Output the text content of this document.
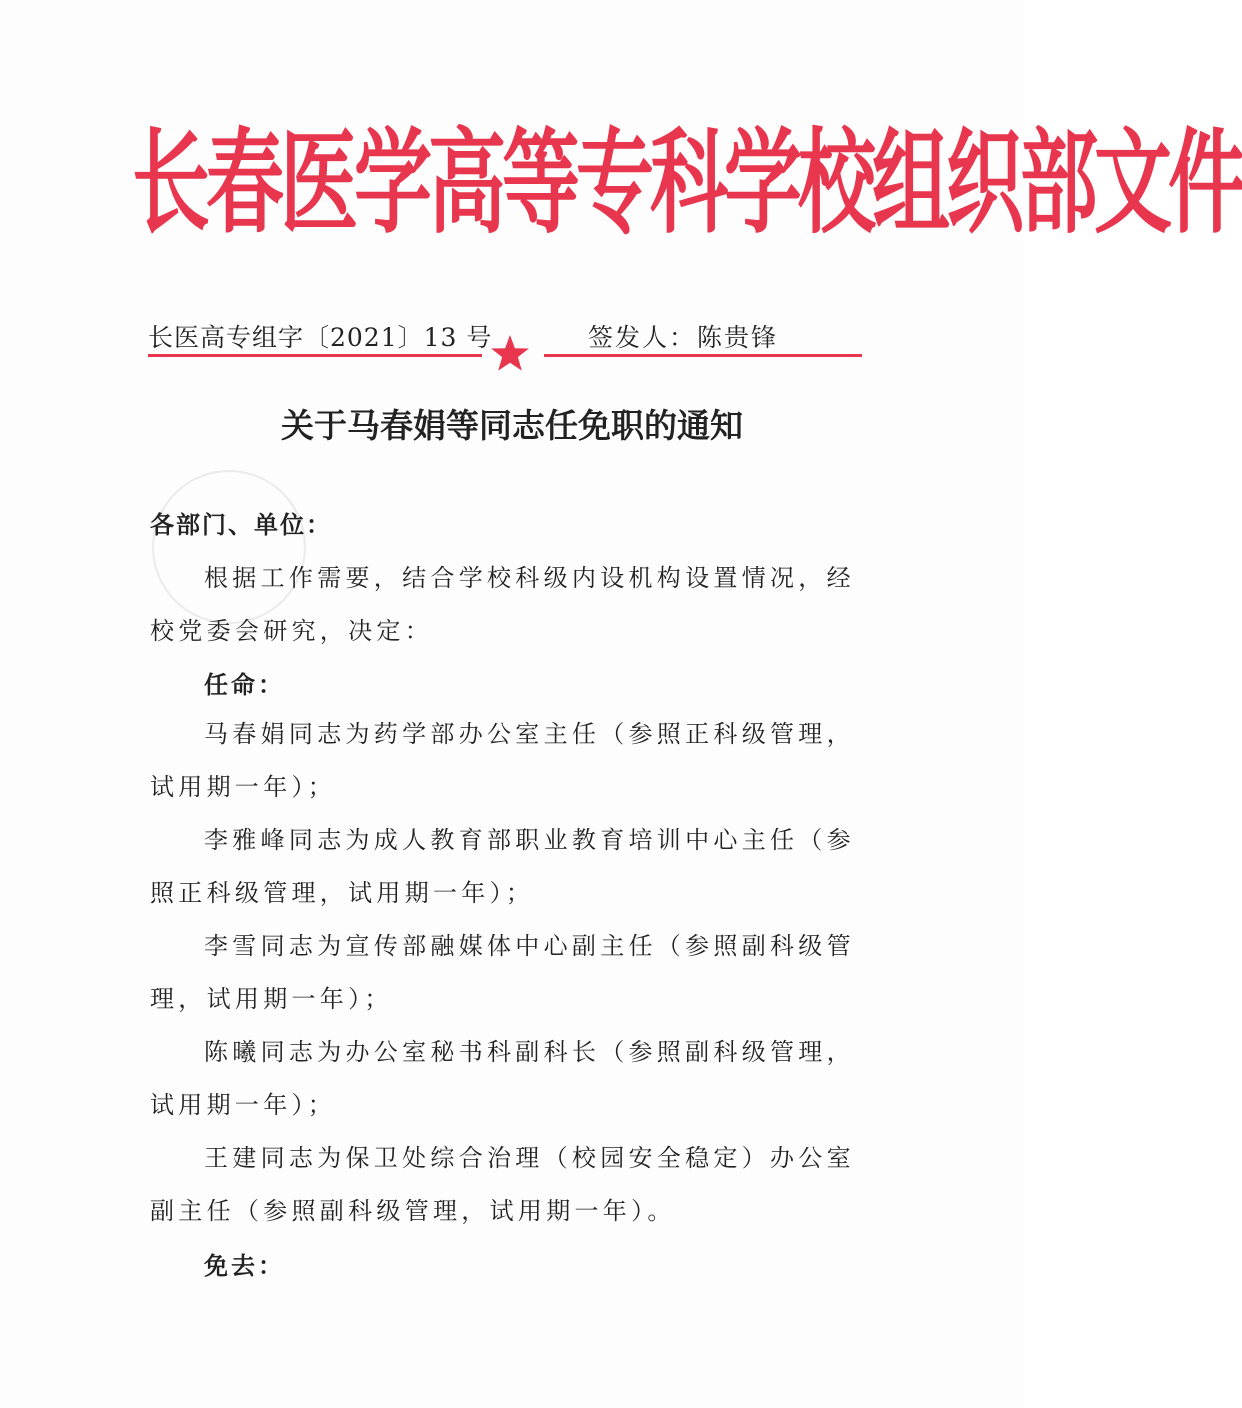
长春医学高等专科学校组织部文件
长医高专组字〔2021〕13 号	签发人： 陈贵锋
关于马春娟等同志任免职的通知
各部门、单位：

根据工作需要，结合学校科级内设机构设置情况，经校党委会研究，决定：

任命：

马春娟同志为药学部办公室主任（参照正科级管理，试用期一年）；

李雅峰同志为成人教育部职业教育培训中心主任（参照正科级管理，试用期一年）；

李雪同志为宣传部融媒体中心副主任（参照副科级管理，试用期一年）；

陈曦同志为办公室秘书科副科长（参照副科级管理，试用期一年）；

王建同志为保卫处综合治理（校园安全稳定）办公室副主任（参照副科级管理，试用期一年）。

免去：
